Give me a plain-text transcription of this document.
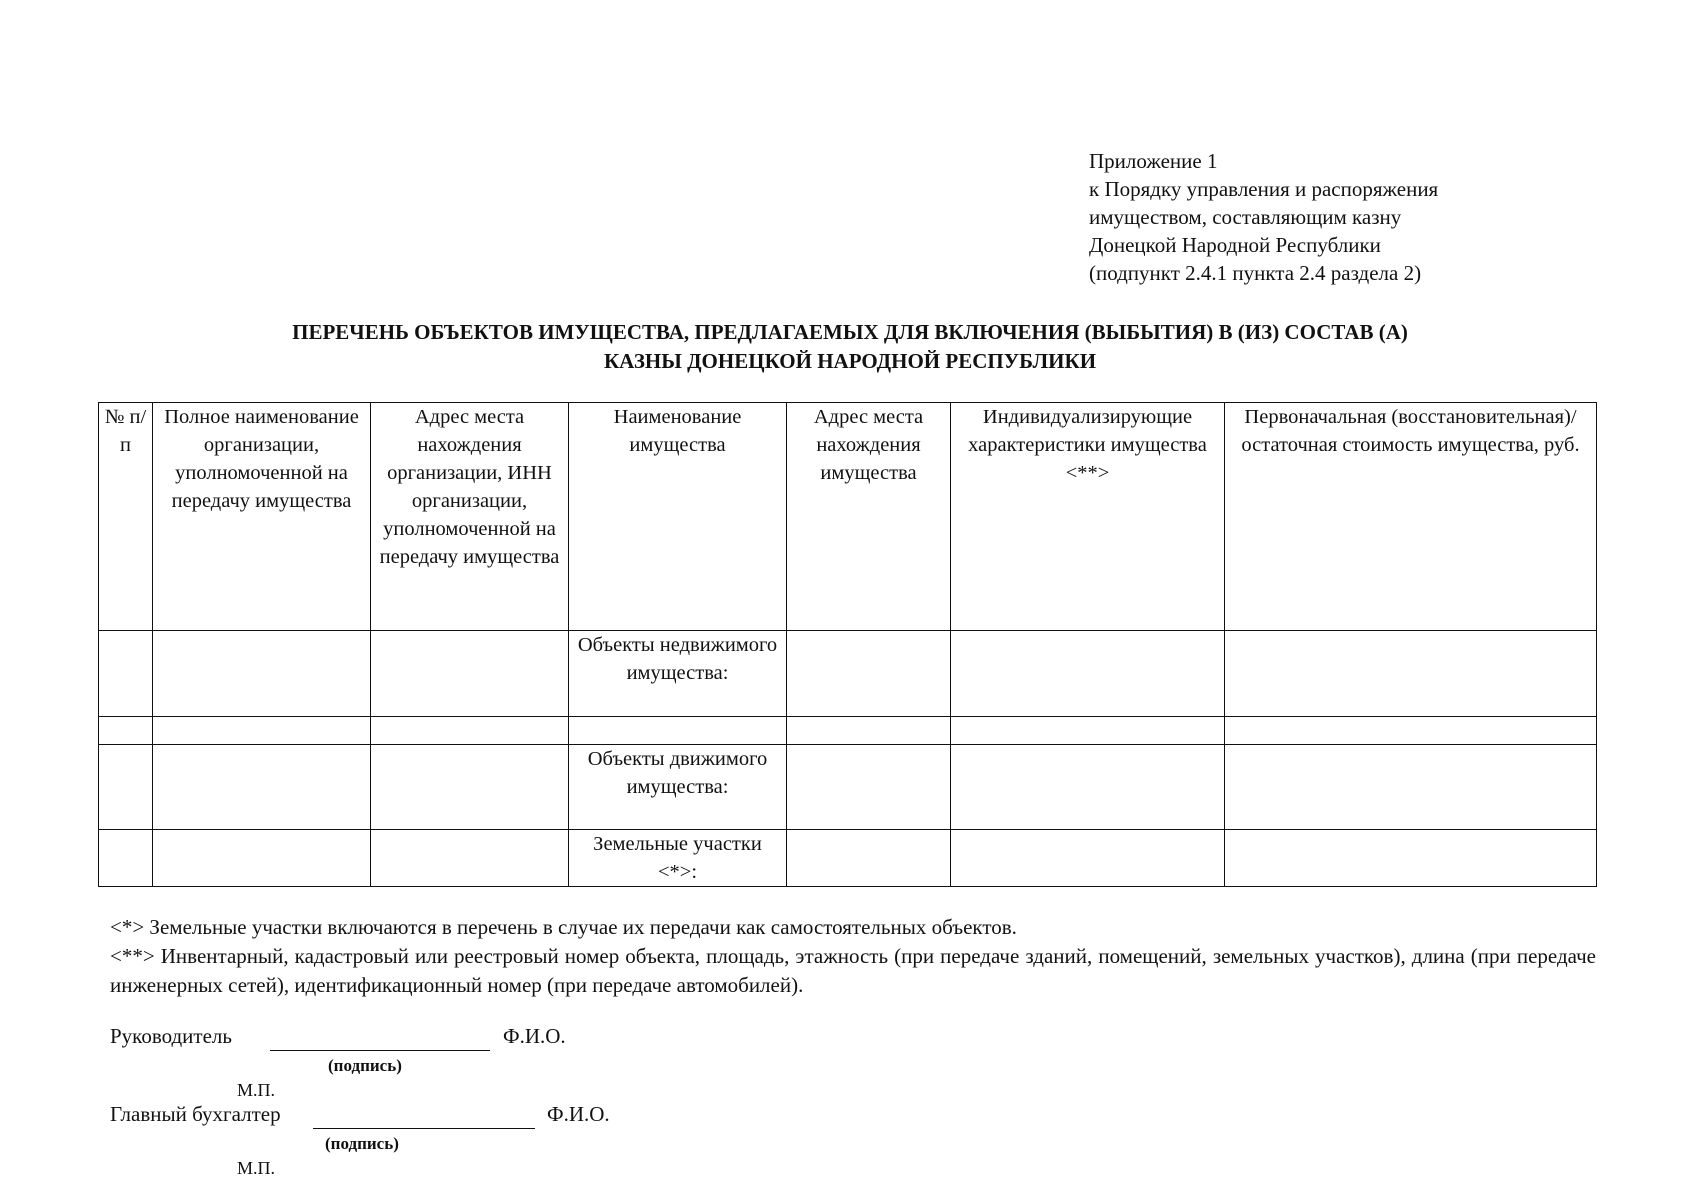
Приложение 1
к Порядку управления и распоряжения
имуществом, составляющим казну
Донецкой Народной Республики
(подпункт 2.4.1 пункта 2.4 раздела 2)
ПЕРЕЧЕНЬ ОБЪЕКТОВ ИМУЩЕСТВА, ПРЕДЛАГАЕМЫХ ДЛЯ ВКЛЮЧЕНИЯ (ВЫБЫТИЯ) В (ИЗ) СОСТАВ (А)
КАЗНЫ ДОНЕЦКОЙ НАРОДНОЙ РЕСПУБЛИКИ
№ п/п	Полное наименование организации, уполномоченной на передачу имущества	Адрес места нахождения организации, ИНН организации, уполномоченной на передачу имущества	Наименование имущества	Адрес места нахождения имущества	Индивидуализирующие характеристики имущества <**>	Первоначальная (восстановительная)/остаточная стоимость имущества, руб.
			Объекты недвижимого имущества:			

			Объекты движимого имущества:			
			Земельные участки <*>:			

<*> Земельные участки включаются в перечень в случае их передачи как самостоятельных объектов.

<**> Инвентарный, кадастровый или реестровый номер объекта, площадь, этажность (при передаче зданий, помещений, земельных участков), длина (при передаче инженерных сетей), идентификационный номер (при передаче автомобилей).

Руководитель	Ф.И.О.
(подпись)
М.П.
Главный бухгалтер	Ф.И.О.
(подпись)
М.П.
